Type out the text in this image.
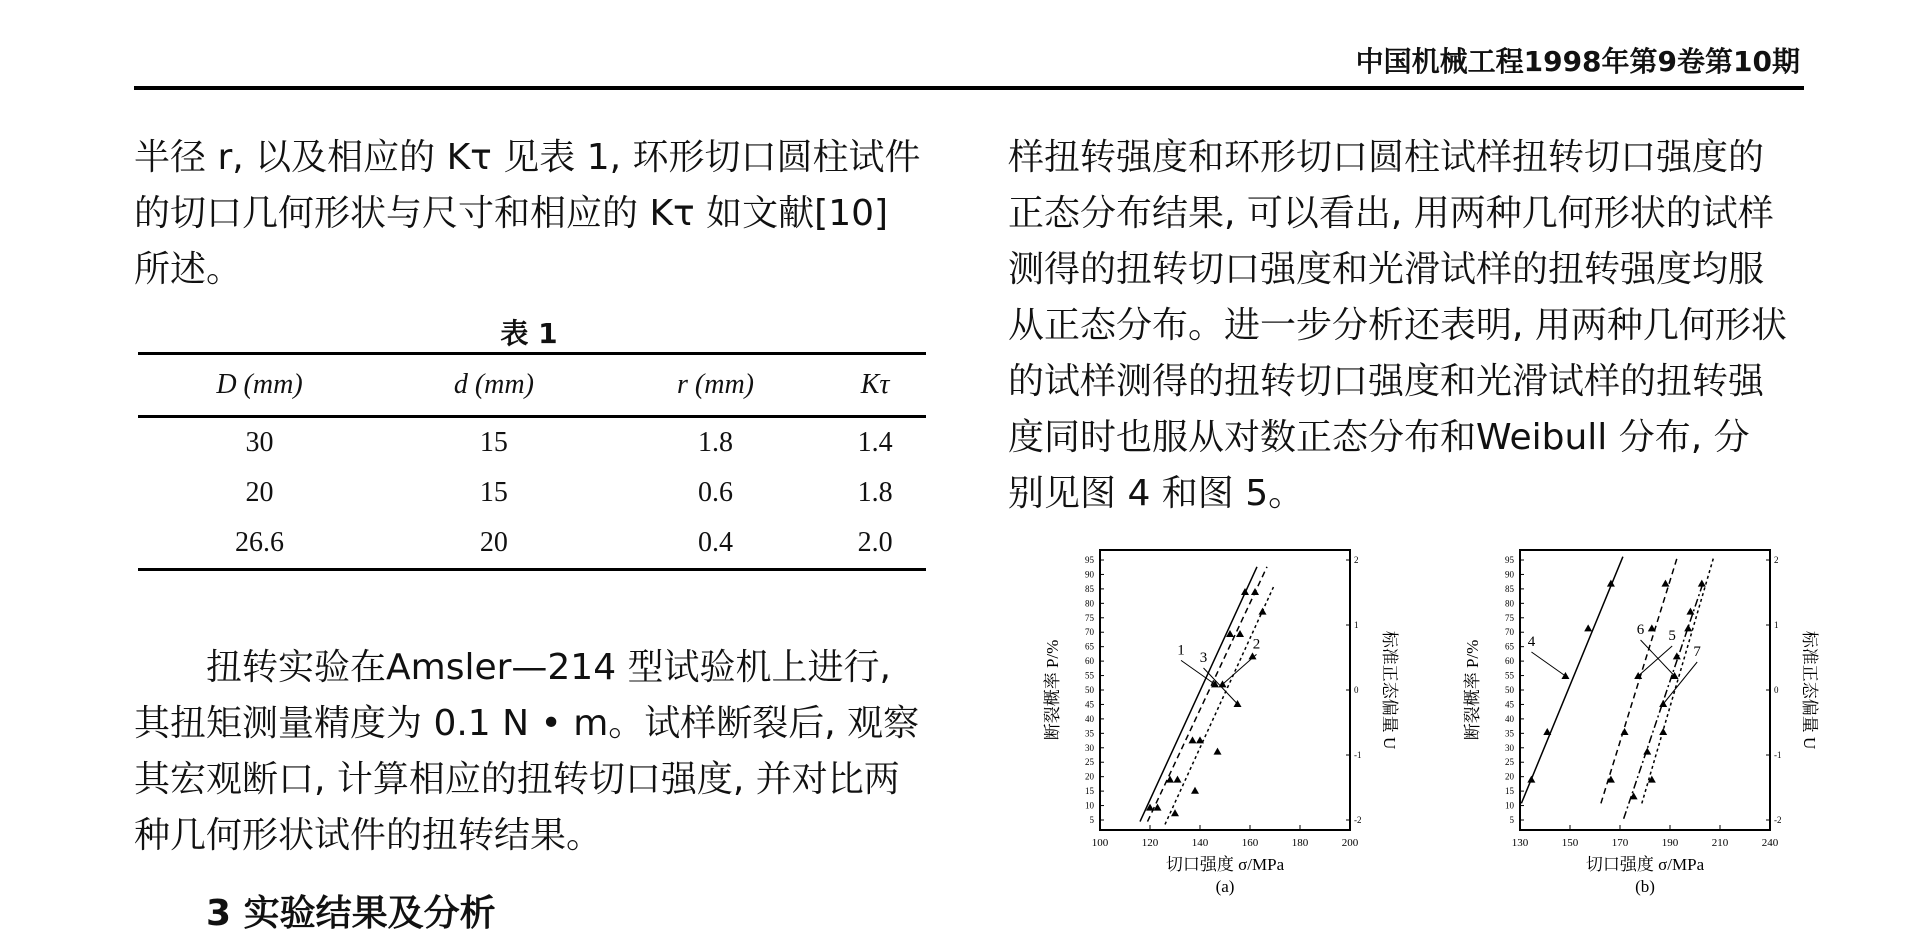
中国机械工程1998年第9卷第10期
半径 r, 以及相应的 Kτ 见表 1, 环形切口圆柱试件
的切口几何形状与尺寸和相应的 Kτ 如文献[10]
所述。
表 1
D (mm)	d (mm)	r (mm)	Kτ
30	15	1.8	1.4
20	15	0.6	1.8
26.6	20	0.4	2.0
扭转实验在Amsler—214 型试验机上进行,
其扭矩测量精度为 0.1 N • m。试样断裂后, 观察
其宏观断口, 计算相应的扭转切口强度, 并对比两
种几何形状试件的扭转结果。
3 实验结果及分析
样扭转强度和环形切口圆柱试样扭转切口强度的
正态分布结果, 可以看出, 用两种几何形状的试样
测得的扭转切口强度和光滑试样的扭转强度均服
从正态分布。进一步分析还表明, 用两种几何形状
的试样测得的扭转切口强度和光滑试样的扭转强
度同时也服从对数正态分布和Weibull 分布, 分
别见图 4 和图 5。
100	120	140	160	180	200
5
10
15
20
25
30
35
40
45
50
55
60
65
70
75
80
85
90
95
-2
-1
0
1
2
切口强度 σ/MPa
(a)
断裂概率 P/%	标准正态偏量 U
1	2
3
130	150	170	190	210	240
5
10
15
20
25
30
35
40
45
50
55
60
65
70
75
80
85
90
95
-2
-1
0
1
2
切口强度 σ/MPa
(b)
断裂概率 P/%	标准正态偏量 U
4	5
6
7
